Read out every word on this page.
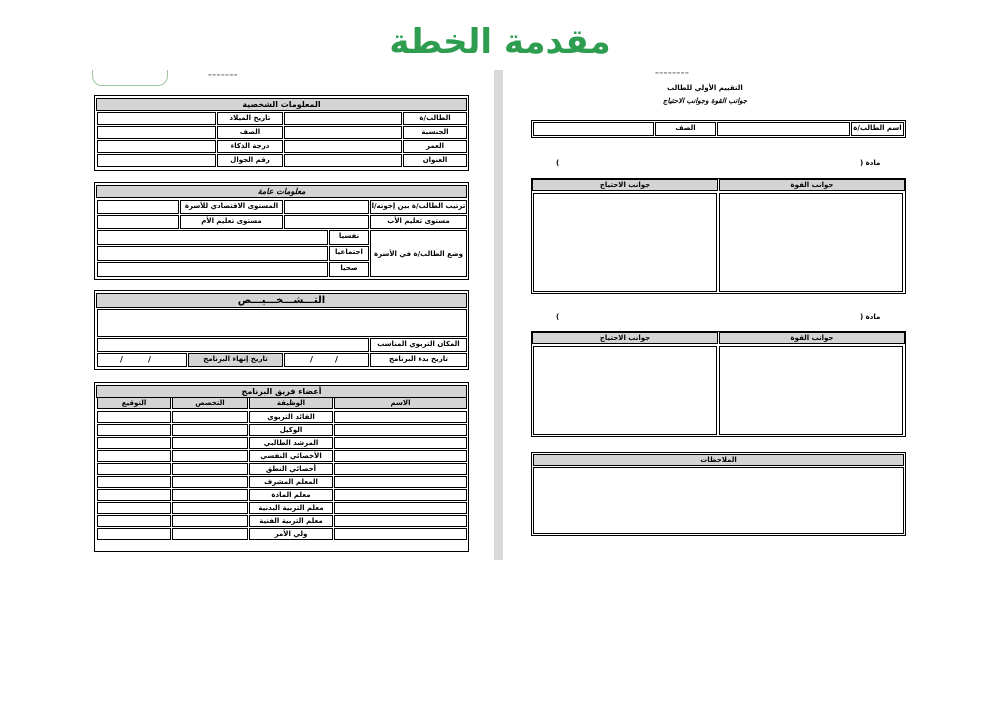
مقدمة الخطة
▬▬▬▬▬▬▬
المعلومات الشخصية
الطالب/ة
تاريخ الميلاد
الجنسية
الصف
العمر
درجة الذكاء
العنوان
رقم الجوال
معلومات عامة
ترتيب الطالب/ة بين إخوته/ا
المستوى الاقتصادي للأسرة
مستوى تعليم الأب
مستوى تعليم الأم
وضع الطالب/ة في الأسرة
نفسيا
اجتماعيا
صحيا
التـــشـــخـــيـــص
المكان التربوي المناسب
تاريخ بدء البرنامج
/	/
تاريخ إنهاء البرنامج
/	/
أعضاء فريق البرنامج
الاسم
الوظيفة
التخصص
التوقيع
القائد التربوي
الوكيل
المرشد الطالبي
الأخصائي النفسي
أخصائي النطق
المعلم المشرف
معلم المادة
معلم التربية البدنية
معلم التربية الفنية
ولي الأمر
▬▬▬▬▬▬▬▬
التقييم الأولي للطالب
جوانب القوة وجوانب الاحتياج
اسم الطالب/ة
الصف
مادة (
)
جوانب القوة
جوانب الاحتياج
مادة (
)
جوانب القوة
جوانب الاحتياج
الملاحظات
